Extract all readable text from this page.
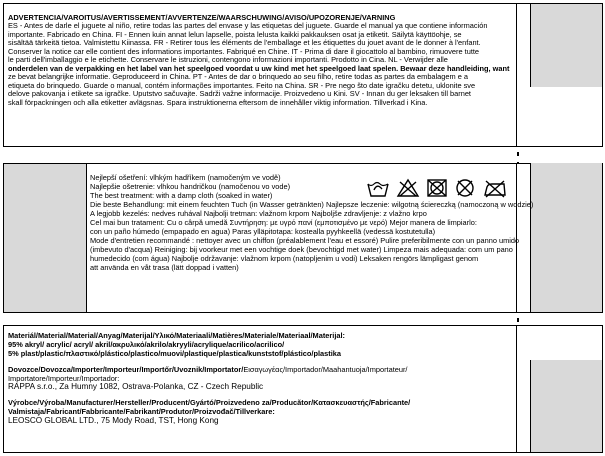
ADVERTENCIA/VAROITUS/AVERTISSEMENT/AVVERTENZE/WAARSCHUWING/AVISO/UPOZORENJE/VARNING
ES - Antes de darle el juguete al niño, retire todas las partes del envase y las etiquetas del juguete. Guarde el manual ya que contiene información
importante. Fabricado en China. FI - Ennen kuin annat lelun lapselle, poista lelusta kaikki pakkauksen osat ja etiketit. Säilytä käyttöohje, se
sisältää tärkeitä tietoa. Valmistettu Kiinassa. FR - Retirer tous les éléments de l'emballage et les étiquettes du jouet avant de le donner à l'enfant.
Conserver la notice car elle contient des informations importantes. Fabriqué en Chine. IT - Prima di dare il giocattolo al bambino, rimuovere tutte
le parti dell'imballaggio e le etichette. Conservare le istruzioni, contengono informazioni importanti. Prodotto in Cina. NL - Verwijder alle
onderdelen van de verpakking en het label van het speelgoed voordat u uw kind met het speelgoed laat spelen. Bewaar deze handleiding, want
ze bevat belangrijke informatie. Geproduceerd in China. PT - Antes de dar o brinquedo ao seu filho, retire todas as partes da embalagem e a
etiqueta do brinquedo. Guarde o manual, contém informações importantes. Feito na China. SR - Pre nego što date igračku detetu, uklonite sve
delove pakovanja i etikete sa igračke. Uputstvo sačuvajte. Sadrži važne informacije. Proizvedeno u Kini. SV - Innan du ger leksaken till barnet
skall förpackningen och alla etiketter avlägsnas. Spara instruktionerna eftersom de innehåller viktig information. Tillverkad i Kina.
Nejlepší ošetření: vlhkým hadříkem (namočeným ve vodě)
Najlepšie ošetrenie: vlhkou handričkou (namočenou vo vode)
The best treatment: with a damp cloth (soaked in water)
Die beste Behandlung: mit einem feuchten Tuch (in Wasser getränkten) Najlepsze leczenie: wilgotną ściereczką (namoczoną w wodzie)
A legjobb kezelés: nedves ruhával Najbolji tretman: vlažnom krpom Najboljše zdravljenje: z vlažno krpo
Cel mai bun tratament: Cu o cârpă umedă Συντήρηση: με υγρό πανί (εμποτισμένο με νερό) Mejor manera de limpiarlo:
con un paño húmedo (empapado en agua) Paras ylläpitotapa: kostealla pyyhkeellä (vedessä kostutetulla)
Mode d'entretien recommandé : nettoyer avec un chiffon (préalablement l'eau et essoré) Pulire preferibilmente con un panno umido
(imbevuto d'acqua) Reiniging: bij voorkeur met een vochtige doek (bevochtigd met water) Limpeza mais adequada: com um pano
humedecido (com água) Najbolje održavanje: vlažnom krpom (natopljenim u vodi) Leksaken rengörs lämpligast genom
att använda en våt trasa (lätt doppad i vatten)
Materiál/Material/Material/Anyag/Materijal/Υλικό/Materiaali/Matières/Materiale/Materiaal/Materijal:
95% akryl/ acrylic/ acryl/ akril/ακρυλικό/akrilo/akryyli/acrylique/acrilico/acrilico/
5% plast/plastic/πλαστικό/plástico/plastico/muovi/plastique/plastica/kunststof/plástico/plastika
Dovozce/Dovozca/Importer/Importeur/Importőr/Uvoznik/Importator/Εισαγωγέας/Importador/Maahantuoja/Importateur/
Importatore/Importeur/Importador:
RAPPA s.r.o., Za Humny 1082, Ostrava-Polanka, CZ - Czech Republic
Výrobce/Výroba/Manufacturer/Hersteller/Producent/Gyártó/Proizvedeno za/Producător/Κατασκευαστής/Fabricante/
Valmistaja/Fabricant/Fabbricante/Fabrikant/Produtor/Proizvođač/Tillverkare:
LEOSCO GLOBAL LTD., 75 Mody Road, TST, Hong Kong
